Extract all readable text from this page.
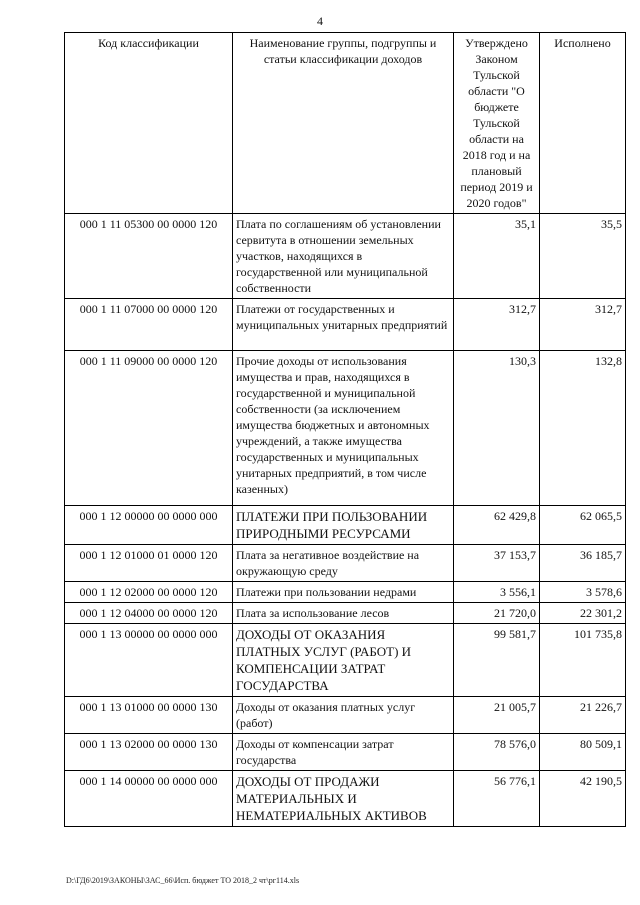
4
Код классификации	Наименование группы, подгруппы и статьи классификации доходов	Утверждено Законом Тульской области "О бюджете Тульской области на 2018 год и на плановый период 2019 и 2020 годов"	Исполнено
000 1 11 05300 00 0000 120	Плата по соглашениям об установлении сервитута в отношении земельных участков, находящихся в государственной или муниципальной собственности	35,1	35,5
000 1 11 07000 00 0000 120	Платежи от государственных и муниципальных унитарных предприятий	312,7	312,7
000 1 11 09000 00 0000 120	Прочие доходы от использования имущества и прав, находящихся в государственной и муниципальной собственности (за исключением имущества бюджетных и автономных учреждений, а также имущества государственных и муниципальных унитарных предприятий, в том числе казенных)	130,3	132,8
000 1 12 00000 00 0000 000	ПЛАТЕЖИ ПРИ ПОЛЬЗОВАНИИ ПРИРОДНЫМИ РЕСУРСАМИ	62 429,8	62 065,5
000 1 12 01000 01 0000 120	Плата за негативное воздействие на окружающую среду	37 153,7	36 185,7
000 1 12 02000 00 0000 120	Платежи при пользовании недрами	3 556,1	3 578,6
000 1 12 04000 00 0000 120	Плата за использование лесов	21 720,0	22 301,2
000 1 13 00000 00 0000 000	ДОХОДЫ ОТ ОКАЗАНИЯ ПЛАТНЫХ УСЛУГ (РАБОТ) И КОМПЕНСАЦИИ ЗАТРАТ ГОСУДАРСТВА	99 581,7	101 735,8
000 1 13 01000 00 0000 130	Доходы от оказания платных услуг (работ)	21 005,7	21 226,7
000 1 13 02000 00 0000 130	Доходы от компенсации затрат государства	78 576,0	80 509,1
000 1 14 00000 00 0000 000	ДОХОДЫ ОТ ПРОДАЖИ МАТЕРИАЛЬНЫХ И НЕМАТЕРИАЛЬНЫХ АКТИВОВ	56 776,1	42 190,5
D:\ГД6\2019\ЗАКОНЫ\ЗАС_66\Исп. бюджет ТО 2018_2 чт\рг114.xls
